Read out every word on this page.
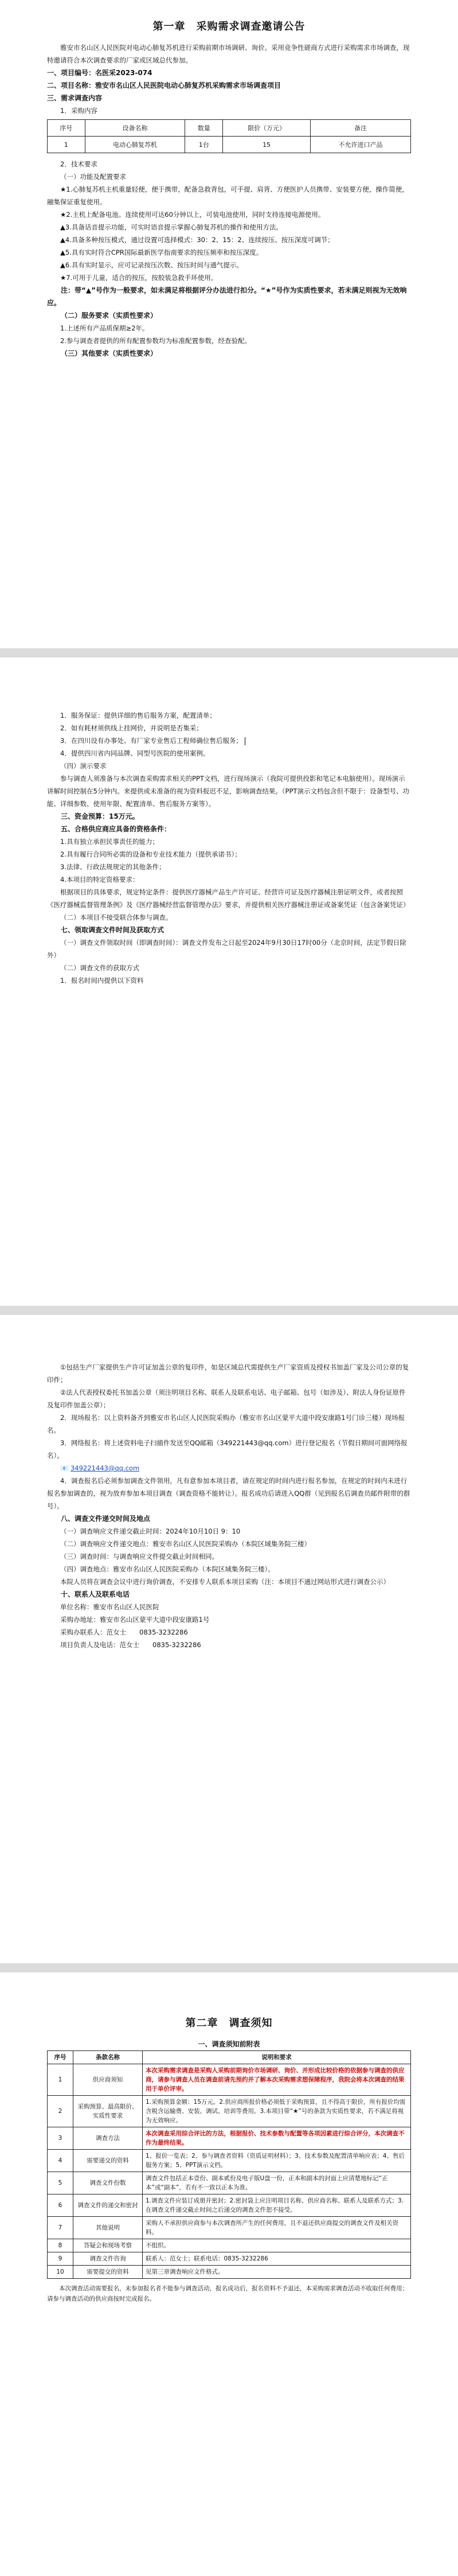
第一章　采购需求调查邀请公告

雅安市名山区人民医院对电动心肺复苏机进行采购前期市场调研、询价。采用竞争性磋商方式进行采购需求市场调查，现特邀请符合本次调查要求的厂家或区域总代参加。

一、项目编号：名医采2023-074

二、项目名称：雅安市名山区人民医院电动心肺复苏机采购需求市场调查项目

三、需求调查内容

1．采购内容

序号	设备名称	数量	限价（万元）	备注
1	电动心肺复苏机	1台	15	不允许进口产品

2．技术要求

（一）功能及配置要求

★1.心肺复苏机主机重量轻便，便于携带，配备急救背包，可手提、肩背、方便医护人员携带、安装要方便，操作简便，融集保证重复使用。

★2.主机上配备电池。连续使用可达60分钟以上，可装电池使用，同时支持连接电源使用。

▲3.具备话音提示功能，可实时语音提示掌握心肺复苏机的操作和使用方法。

▲4.具备多种按压模式，通过设置可选择模式：30：2、15：2、连续按压、按压深度可调节；

▲5.具有实时符合CPR国际最新医学指南要求的按压频率和按压深度。

▲6.具有实时显示，应可记录按压次数、按压时间与通气提示。

★7.可用于儿童，适合的按压，按胶装急救手环使用。

注：带“▲”号作为一般要求，如未满足将根据评分办法进行扣分。“★”号作为实质性要求，若未满足则视为无效响应。

（二）服务要求（实质性要求）

1.上述所有产品质保期≥2年。

2.参与调查者提供的所有配置参数均为标准配置参数，经查验配。

（三）其他要求（实质性要求）

1．服务保证：提供详细的售后服务方案，配置清单；

2．如有耗材须供线上挂网价，并说明是否集采；

3．在四川设有办事处、有厂家专业售后工程师确位售后服务；

4．提供四川省内同品牌、同型号医院的使用案例。

（四）演示要求

参与调查人须准备与本次调查采购需求相关的PPT文档，进行现场演示（我院可提供投影和笔记本电脑使用）。现场演示讲解时间控制在5分钟内。来提供或未准备的视为资料报迟不足，影响调查结果。（PPT演示文档包含但不限于：设备型号、功能、详细参数、使用年限、配置清单、售后服务方案等）。

三、资金预算：15万元。

五、合格供应商应具备的资格条件：

1.具有独立承担民事责任的能力；

2.具有履行合同所必需的设备和专业技术能力（提供承诺书）；

3.法律、行政法规规定的其他条件；

4.本项目的特定资格要求：

根据项目的具体要求，规定特定条件：提供医疗器械产品生产许可证、经营许可证及医疗器械注册证明文件，或者按照《医疗器械监督管理条例》及《医疗器械经营监督管理办法》要求，并提供相关医疗器械注册证或备案凭证（包含备案凭证）

（二）本项目不接受联合体参与调查。

七、领取调查文件时间及获取方式

（一）调查文件领取时间（即调查时间）：调查文件发布之日起至2024年9月30日17时00分（北京时间，法定节假日除外）

（二）调查文件的获取方式

1．报名时间内提供以下资料

①包括生产厂家提供生产许可证加盖公章的复印件，如是区域总代需提供生产厂家资质及授权书加盖厂家及公司公章的复印件；

②法人代表授权委托书加盖公章（须注明项目名称、联系人及联系电话、电子邮箱、包号（如涉及）、附法人身份证原件及复印件加盖公章）；

2．现场报名：以上资料备齐到雅安市名山区人民医院采购办（雅安市名山区蒙平大道中段安康路1号门诊三楼）现场报名。

3．网络报名：将上述资料电子扫描件发送至QQ邮箱（349221443@qq.com）进行登记报名（节假日期间可面网络报名）。

📧 349221443@qq.com

4．调查报名后必须参加调查文件领用，凡有意参加本项目者，请在规定的时间内进行报名参加，在规定的时间内未进行报名参加调查的，视为放弃参加本项目调查（调查资格不能转让）。报名成功后请进入QQ群（见到报名后调查员邮件附带的群号）。

八、调查文件递交时间及地点

（一）调查响应文件递交截止时间：2024年10月10日 9：10

（二）调查响应文件递交地点：雅安市名山区人民医院采购办（本院区域集务院三楼）

（三）调查时间：与调查响应文件提交截止时间相同。

（四）调查地点：雅安市名山区人民医院采购办（本院区域集务院三楼）。

本院人员将在调查会议中进行询价调查，不安排专人联系本项目采购（注：本项目不通过网站形式进行调查公示）

十、联系人及联系电话

单位名称：雅安市名山区人民医院

采购办地址：雅安市名山区蒙平大道中段安康路1号

采购办联系人：范女士　　0835-3232286

项目负责人及电话：范女士　　0835-3232286

第二章　调查须知

一、调查须知前附表

序号	条款名称	说明和要求
1	供应商须知	本次采购需求调查是采购人采购前期询价市场调研、询价、并形成比较价格的依据参与调查的供应商，请参与调查人员在调查前请先预约并了解本次采购需求想保障程序，我院会将本次调查的结果用于单价评审。
2	采购预算、最高限价、实质性要求	1.采购预算金额：15万元。2.供应商所报价格必须低于采购预算，且不得高于限价，所有报价均需含税含运输费、安装、调试、培训等费用。3.本项目带“★”号的条款为实质性要求，若不满足将视为无效响应。
3	调查方法	本次调查采用综合评比的方法，根据报价、技术参数与配置等各项因素进行综合评分，本次调查不作为最终结果。
4	需要递交的资料	1、报价一览表；2、参与调查者资料（资质证明材料）；3、技术参数及配置清单响应表；4、售后服务方案；5、PPT演示文档。
5	调查文件份数	调查文件包括正本壹份、副本贰份及电子版U盘一份，正本和副本的封面上应清楚地标记“正本”或“副本”，若有不一致以正本为准。
6	调查文件的递交和密封	1.调查文件应装订成册并密封；2.密封袋上应注明项目名称、供应商名称、联系人及联系方式；3.在调查文件递交截止时间之后递交的调查文件恕不接受。
7	其他说明	采购人不承担供应商参与本次调查所产生的任何费用，且不退还供应商提交的调查文件及相关资料。
8	答疑会和现场考察	不组织。
9	调查文件咨询	联系人：范女士；联系电话：0835-3232286
10	需要提交的资料	见第三章调查响应文件格式。

本次调查活动需要报名，未参加报名者不能参与调查活动，报名成功后，报名资料不予退还，本采购需求调查活动不收取任何费用；请参与调查活动的供应商按时完成报名。
